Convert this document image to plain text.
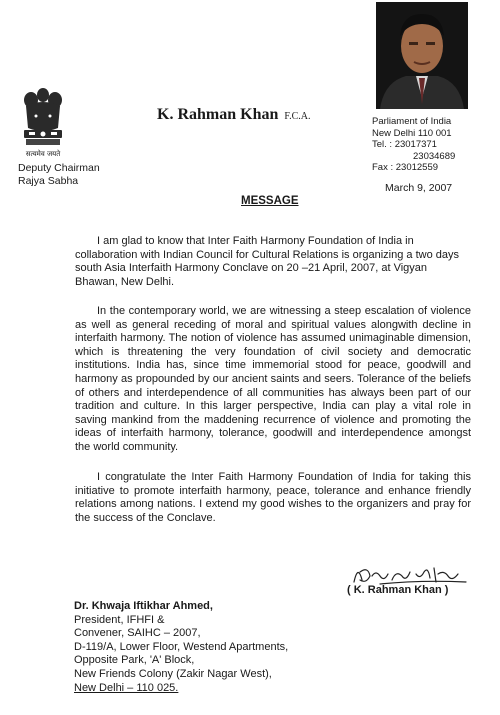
सत्यमेव जयते
K. Rahman Khan F.C.A.
Deputy Chairman
Rajya Sabha
Parliament of India
New Delhi 110 001
Tel. : 23017371
23034689
Fax : 23012559
March 9, 2007
MESSAGE
I am glad to know that Inter Faith Harmony Foundation of India in collaboration with Indian Council for Cultural Relations is organizing a two days south Asia Interfaith Harmony Conclave on 20 –21 April, 2007, at Vigyan Bhawan, New Delhi.
In the contemporary world, we are witnessing a steep escalation of violence as well as general receding of moral and spiritual values alongwith decline in interfaith harmony. The notion of violence has assumed unimaginable dimension, which is threatening the very foundation of civil society and democratic institutions. India has, since time immemorial stood for peace, goodwill and harmony as propounded by our ancient saints and seers. Tolerance of the beliefs of others and interdependence of all communities has always been part of our tradition and culture. In this larger perspective, India can play a vital role in saving mankind from the maddening recurrence of violence and promoting the ideas of interfaith harmony, tolerance, goodwill and interdependence amongst the world community.
I congratulate the Inter Faith Harmony Foundation of India for taking this initiative to promote interfaith harmony, peace, tolerance and enhance friendly relations among nations. I extend my good wishes to the organizers and pray for the success of the Conclave.
( K. Rahman Khan )
Dr. Khwaja Iftikhar Ahmed,
President, IFHFI &
Convener, SAIHC – 2007,
D-119/A, Lower Floor, Westend Apartments,
Opposite Park, 'A' Block,
New Friends Colony (Zakir Nagar West),
New Delhi – 110 025.
